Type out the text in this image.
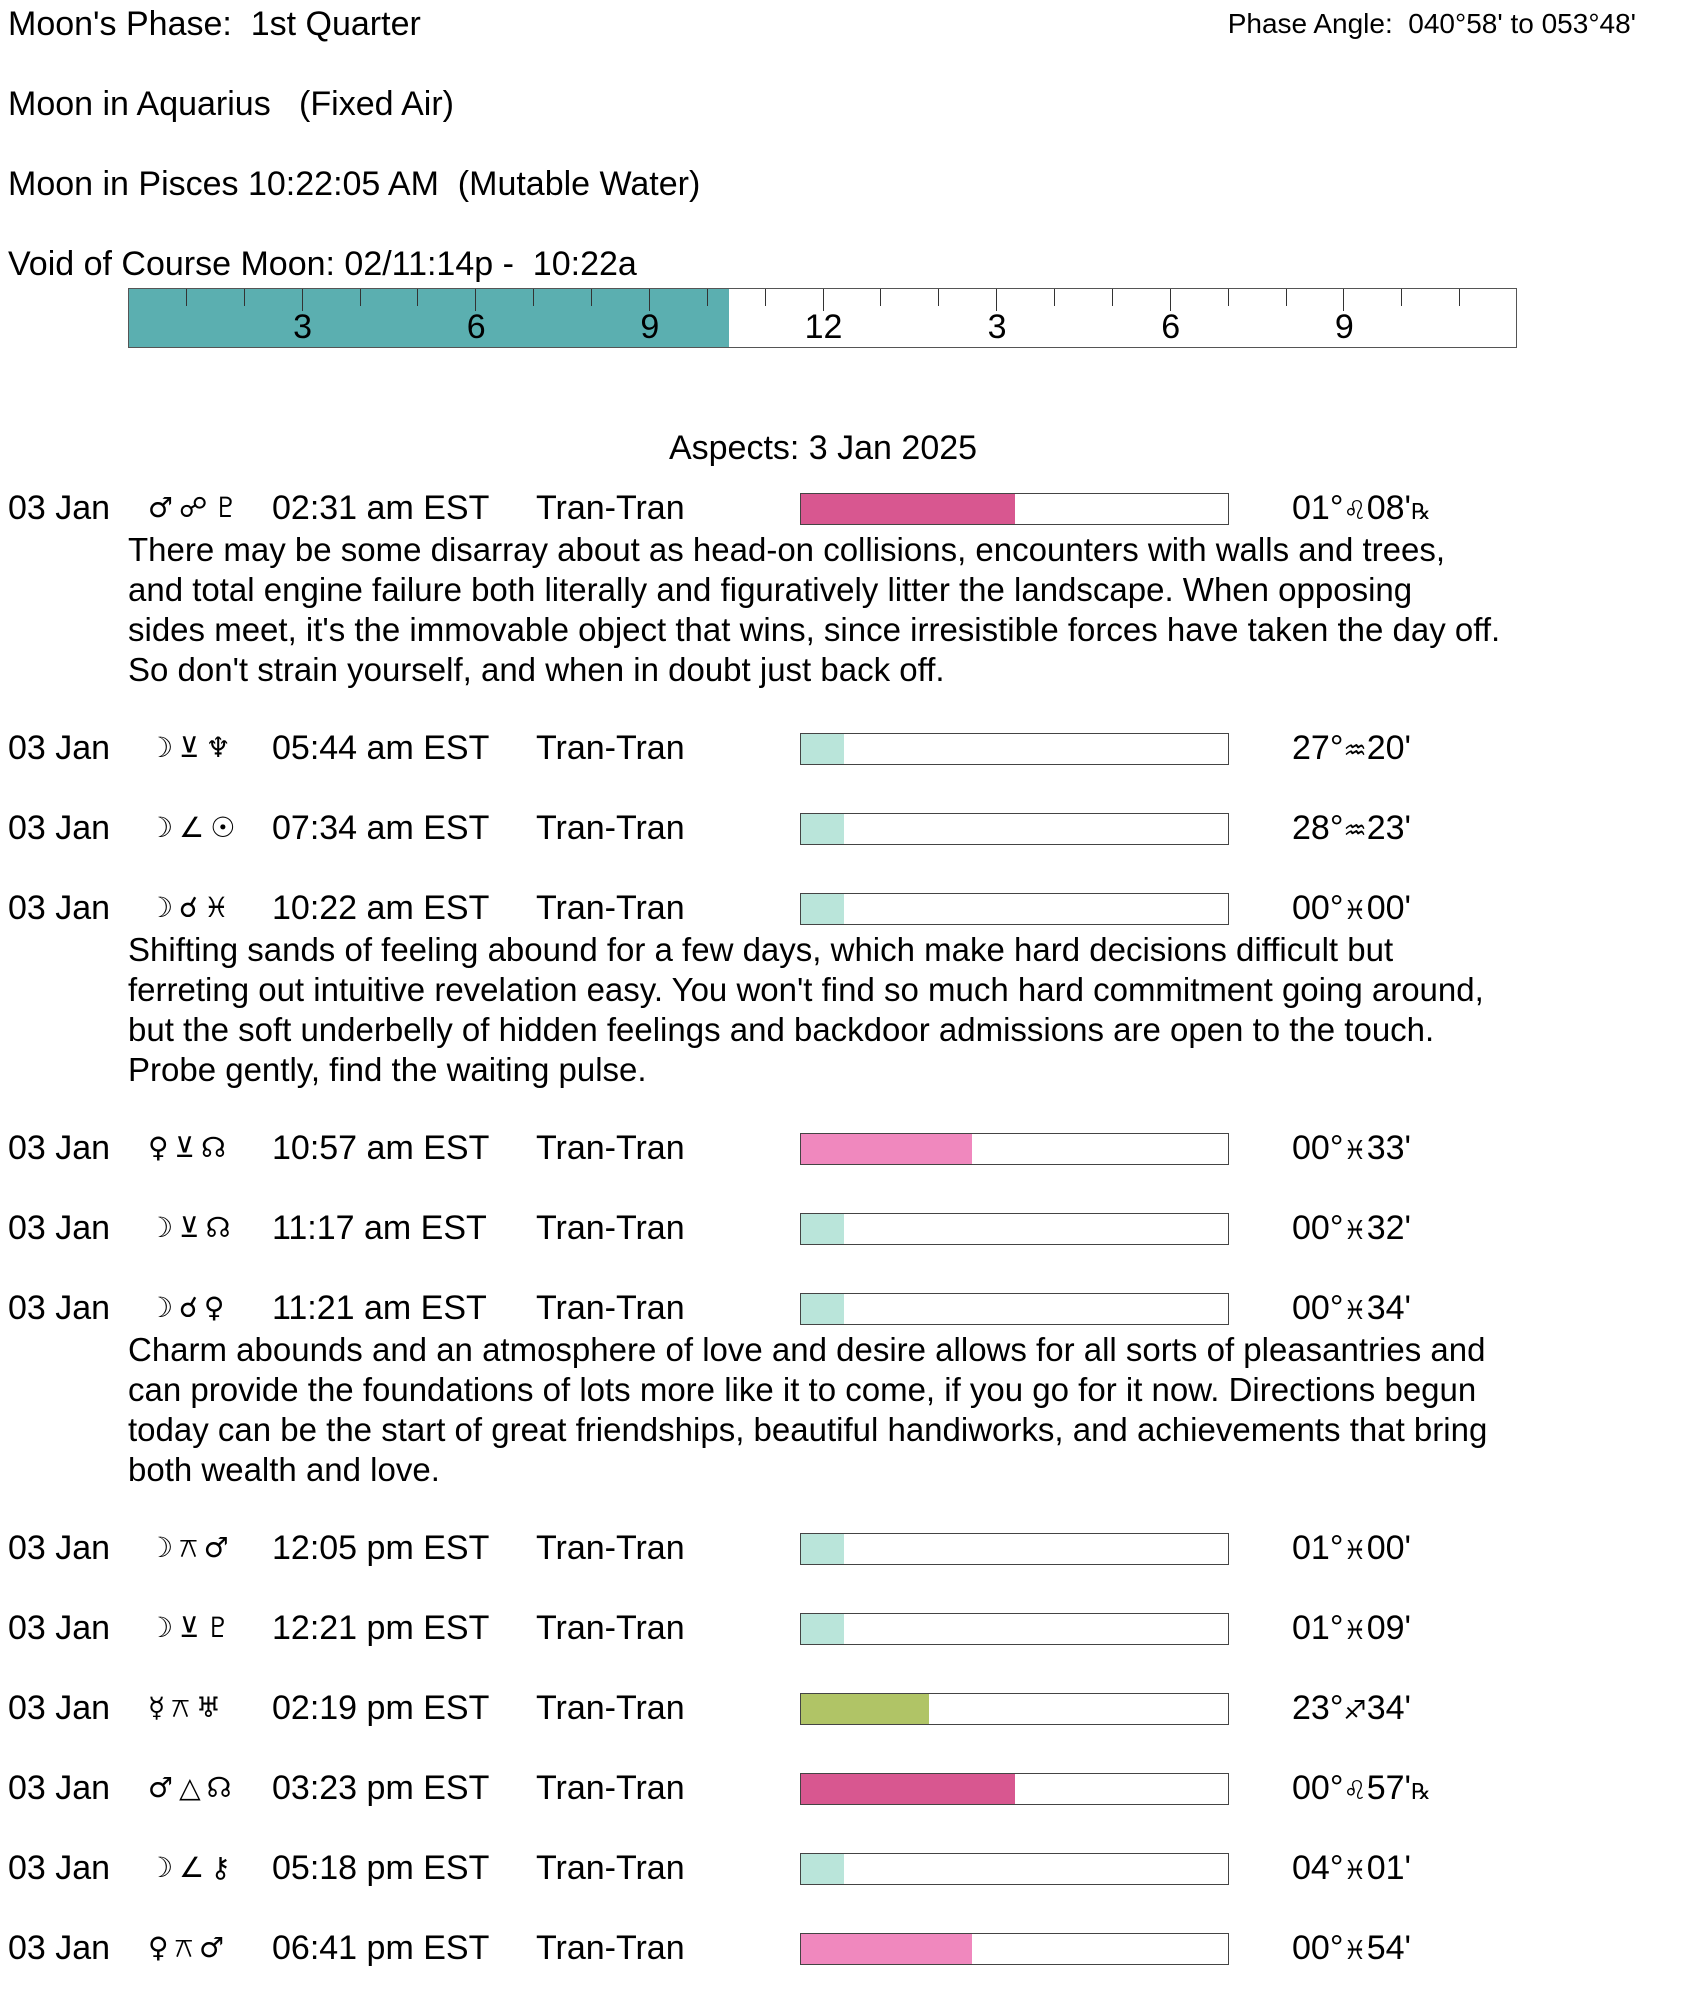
Moon's Phase:  1st Quarter	Phase Angle:  040°58' to 053°48'
Moon in Aquarius   (Fixed Air)
Moon in Pisces 10:22:05 AM  (Mutable Water)
Void of Course Moon: 02/11:14p -  10:22a
3	6	9	12	3	6	9
Aspects: 3 Jan 2025
03 Jan ♂☍♇ 02:31 am EST Tran-Tran	01°♌08'℞
There may be some disarray about as head-on collisions, encounters with walls and trees,
and total engine failure both literally and figuratively litter the landscape. When opposing
sides meet, it's the immovable object that wins, since irresistible forces have taken the day off.
So don't strain yourself, and when in doubt just back off.
03 Jan ☽⊻♆ 05:44 am EST Tran-Tran	27°♒20'
03 Jan ☽∠☉ 07:34 am EST Tran-Tran	28°♒23'
03 Jan ☽☌♓ 10:22 am EST Tran-Tran	00°♓00'
Shifting sands of feeling abound for a few days, which make hard decisions difficult but
ferreting out intuitive revelation easy. You won't find so much hard commitment going around,
but the soft underbelly of hidden feelings and backdoor admissions are open to the touch.
Probe gently, find the waiting pulse.
03 Jan ♀⊻☊ 10:57 am EST Tran-Tran	00°♓33'
03 Jan ☽⊻☊ 11:17 am EST Tran-Tran	00°♓32'
03 Jan ☽☌♀ 11:21 am EST Tran-Tran	00°♓34'
Charm abounds and an atmosphere of love and desire allows for all sorts of pleasantries and
can provide the foundations of lots more like it to come, if you go for it now. Directions begun
today can be the start of great friendships, beautiful handiworks, and achievements that bring
both wealth and love.
03 Jan ☽⚻♂ 12:05 pm EST Tran-Tran	01°♓00'
03 Jan ☽⊻♇ 12:21 pm EST Tran-Tran	01°♓09'
03 Jan ☿⚻♅ 02:19 pm EST Tran-Tran	23°♐34'
03 Jan ♂△☊ 03:23 pm EST Tran-Tran	00°♌57'℞
03 Jan ☽∠⚷ 05:18 pm EST Tran-Tran	04°♓01'
03 Jan ♀⚻♂ 06:41 pm EST Tran-Tran	00°♓54'
